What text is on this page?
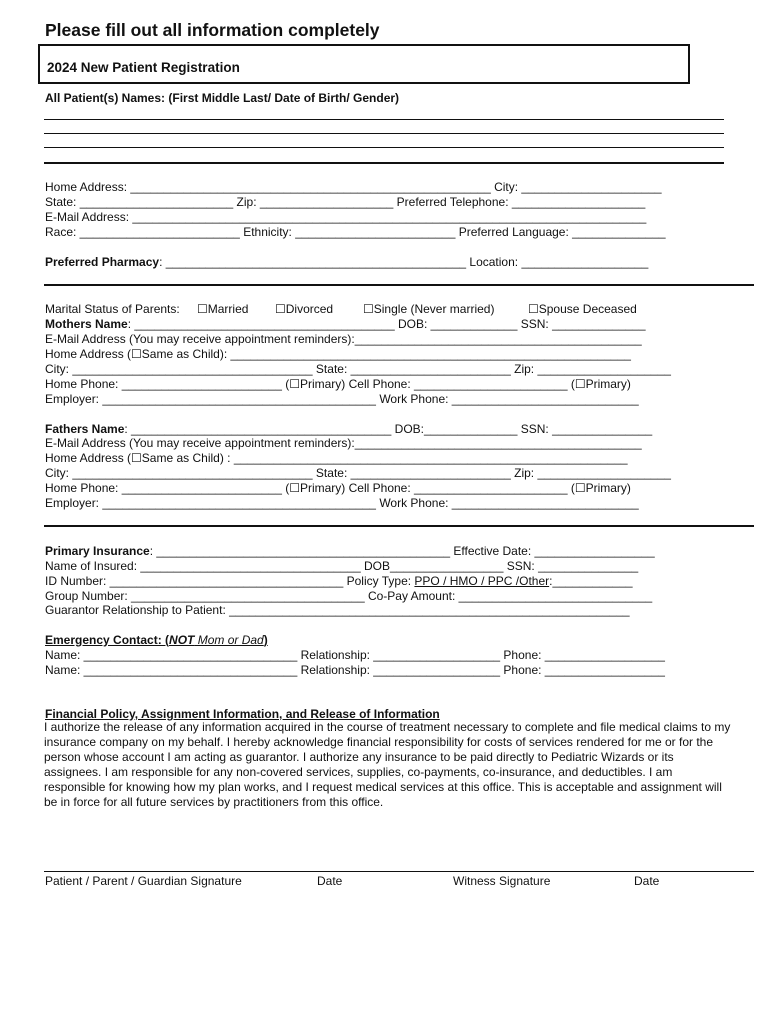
Please fill out all information completely
2024 New Patient Registration
All Patient(s) Names: (First Middle Last/ Date of Birth/ Gender)
Home Address: ______________________________________________________ City: _____________________
State: _______________________ Zip: ____________________ Preferred Telephone: ____________________
E-Mail Address: _____________________________________________________________________________
Race: ________________________ Ethnicity: ________________________ Preferred Language: ______________
Preferred Pharmacy: _____________________________________________ Location: ___________________
Marital Status of Parents: ☐Married ☐Divorced ☐Single (Never married)	☐Spouse Deceased
Mothers Name: _______________________________________ DOB: _____________ SSN: ______________
E-Mail Address (You may receive appointment reminders):___________________________________________
Home Address (☐Same as Child): ____________________________________________________________
City: ____________________________________ State: ________________________ Zip: ____________________
Home Phone: ________________________ (☐Primary) Cell Phone: _______________________ (☐Primary)
Employer: _________________________________________ Work Phone: ____________________________
Fathers Name: _______________________________________ DOB:______________ SSN: _______________
E-Mail Address (You may receive appointment reminders):___________________________________________
Home Address (☐Same as Child) : ___________________________________________________________
City: ____________________________________ State: ________________________ Zip: ____________________
Home Phone: ________________________ (☐Primary) Cell Phone: _______________________ (☐Primary)
Employer: _________________________________________ Work Phone: ____________________________
Primary Insurance: ____________________________________________ Effective Date: __________________
Name of Insured: _________________________________ DOB_________________ SSN: _______________
ID Number: ___________________________________ Policy Type: PPO / HMO / PPC /Other:____________
Group Number: ___________________________________ Co-Pay Amount: _____________________________
Guarantor Relationship to Patient: ____________________________________________________________
Emergency Contact: (NOT Mom or Dad)
Name: ________________________________ Relationship: ___________________ Phone: __________________
Name: ________________________________ Relationship: ___________________ Phone: __________________
Financial Policy, Assignment Information, and Release of Information
I authorize the release of any information acquired in the course of treatment necessary to complete and file medical claims to my insurance company on my behalf. I hereby acknowledge financial responsibility for costs of services rendered for me or for the person whose account I am acting as guarantor. I authorize any insurance to be paid directly to Pediatric Wizards or its assignees. I am responsible for any non-covered services, supplies, co-payments, co-insurance, and deductibles. I am responsible for knowing how my plan works, and I request medical services at this office. This is acceptable and assignment will be in force for all future services by practitioners from this office.
Patient / Parent / Guardian Signature	Date	Witness Signature	Date
